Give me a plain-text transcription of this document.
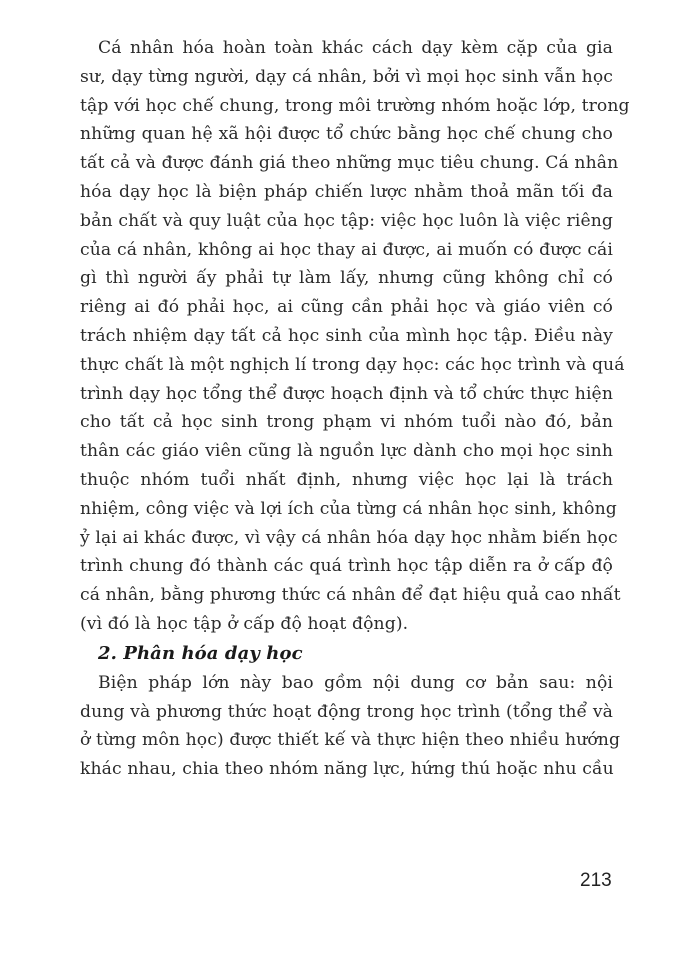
Cá nhân hóa hoàn toàn khác cách dạy kèm cặp của gia
sư, dạy từng người, dạy cá nhân, bởi vì mọi học sinh vẫn học
tập với học chế chung, trong môi trường nhóm hoặc lớp, trong
những quan hệ xã hội được tổ chức bằng học chế chung cho
tất cả và được đánh giá theo những mục tiêu chung. Cá nhân
hóa dạy học là biện pháp chiến lược nhằm thoả mãn tối đa
bản chất và quy luật của học tập: việc học luôn là việc riêng
của cá nhân, không ai học thay ai được, ai muốn có được cái
gì thì người ấy phải tự làm lấy, nhưng cũng không chỉ có
riêng ai đó phải học, ai cũng cần phải học và giáo viên có
trách nhiệm dạy tất cả học sinh của mình học tập. Điều này
thực chất là một nghịch lí trong dạy học: các học trình và quá
trình dạy học tổng thể được hoạch định và tổ chức thực hiện
cho tất cả học sinh trong phạm vi nhóm tuổi nào đó, bản
thân các giáo viên cũng là nguồn lực dành cho mọi học sinh
thuộc nhóm tuổi nhất định, nhưng việc học lại là trách
nhiệm, công việc và lợi ích của từng cá nhân học sinh, không
ỷ lại ai khác được, vì vậy cá nhân hóa dạy học nhằm biến học
trình chung đó thành các quá trình học tập diễn ra ở cấp độ
cá nhân, bằng phương thức cá nhân để đạt hiệu quả cao nhất
(vì đó là học tập ở cấp độ hoạt động).
2. Phân hóa dạy học
Biện pháp lớn này bao gồm nội dung cơ bản sau: nội
dung và phương thức hoạt động trong học trình (tổng thể và
ở từng môn học) được thiết kế và thực hiện theo nhiều hướng
khác nhau, chia theo nhóm năng lực, hứng thú hoặc nhu cầu
213
